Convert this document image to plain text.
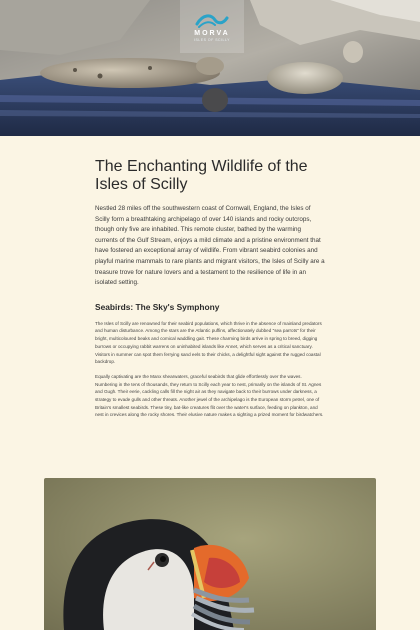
MORVA
ISLES OF SCILLY
The Enchanting Wildlife of the Isles of Scilly

Nestled 28 miles off the southwestern coast of Cornwall, England, the Isles of Scilly form a breathtaking archipelago of over 140 islands and rocky outcrops, though only five are inhabited. This remote cluster, bathed by the warming currents of the Gulf Stream, enjoys a mild climate and a pristine environment that have fostered an exceptional array of wildlife. From vibrant seabird colonies and playful marine mammals to rare plants and migrant visitors, the Isles of Scilly are a treasure trove for nature lovers and a testament to the resilience of life in an isolated setting.

Seabirds: The Sky's Symphony

The Isles of Scilly are renowned for their seabird populations, which thrive in the absence of mainland predators and human disturbance. Among the stars are the Atlantic puffins, affectionately dubbed "sea parrots" for their bright, multicoloured beaks and comical waddling gait. These charming birds arrive in spring to breed, digging burrows or occupying rabbit warrens on uninhabited islands like Annet, which serves as a critical sanctuary. Visitors in summer can spot them ferrying sand eels to their chicks, a delightful sight against the rugged coastal backdrop.

Equally captivating are the Manx shearwaters, graceful seabirds that glide effortlessly over the waves. Numbering in the tens of thousands, they return to Scilly each year to nest, primarily on the islands of St. Agnes and Gugh. Their eerie, cackling calls fill the night air as they navigate back to their burrows under darkness, a strategy to evade gulls and other threats. Another jewel of the archipelago is the European storm petrel, one of Britain's smallest seabirds. These tiny, bat-like creatures flit over the water's surface, feeding on plankton, and nest in crevices along the rocky shores. Their elusive nature makes a sighting a prized moment for birdwatchers.
